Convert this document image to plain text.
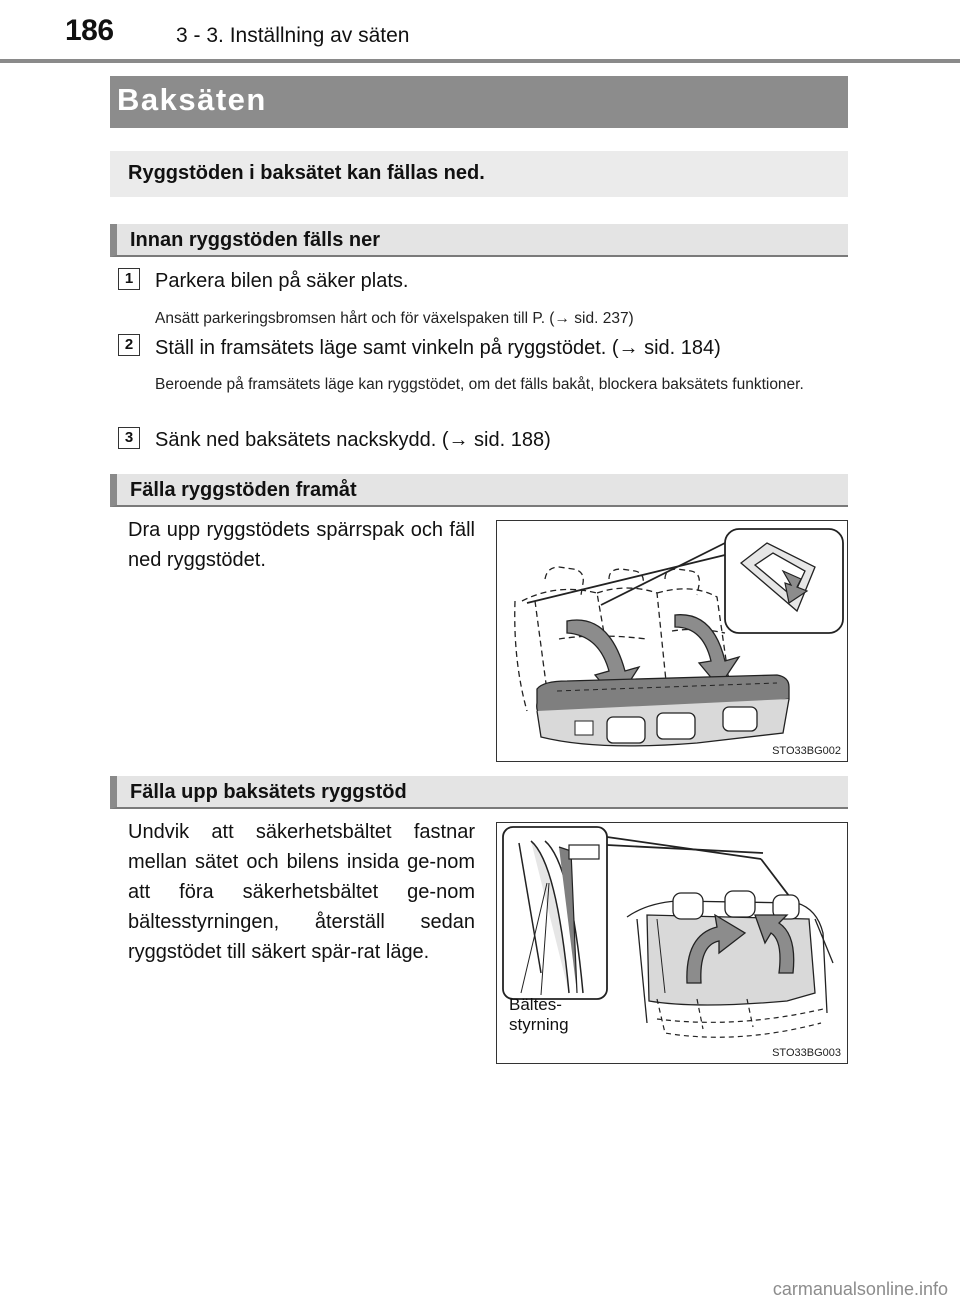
186	3 - 3. Inställning av säten
Baksäten
Ryggstöden i baksätet kan fällas ned.
Innan ryggstöden fälls ner
1	Parkera bilen på säker plats.
Ansätt parkeringsbromsen hårt och för växelspaken till P. (→ sid. 237)
2	Ställ in framsätets läge samt vinkeln på ryggstödet. (→ sid. 184)
Beroende på framsätets läge kan ryggstödet, om det fälls bakåt, blockera baksätets funktioner.
3	Sänk ned baksätets nackskydd. (→ sid. 188)
Fälla ryggstöden framåt
Dra upp ryggstödets spärrspak och fäll ned ryggstödet.
STO33BG002
Fälla upp baksätets ryggstöd
Undvik att säkerhetsbältet fastnar mellan sätet och bilens insida ge-nom att föra säkerhetsbältet ge-nom bältesstyrningen, återställ sedan ryggstödet till säkert spär-rat läge.
Bältes-
styrning
STO33BG003
carmanualsonline.info
